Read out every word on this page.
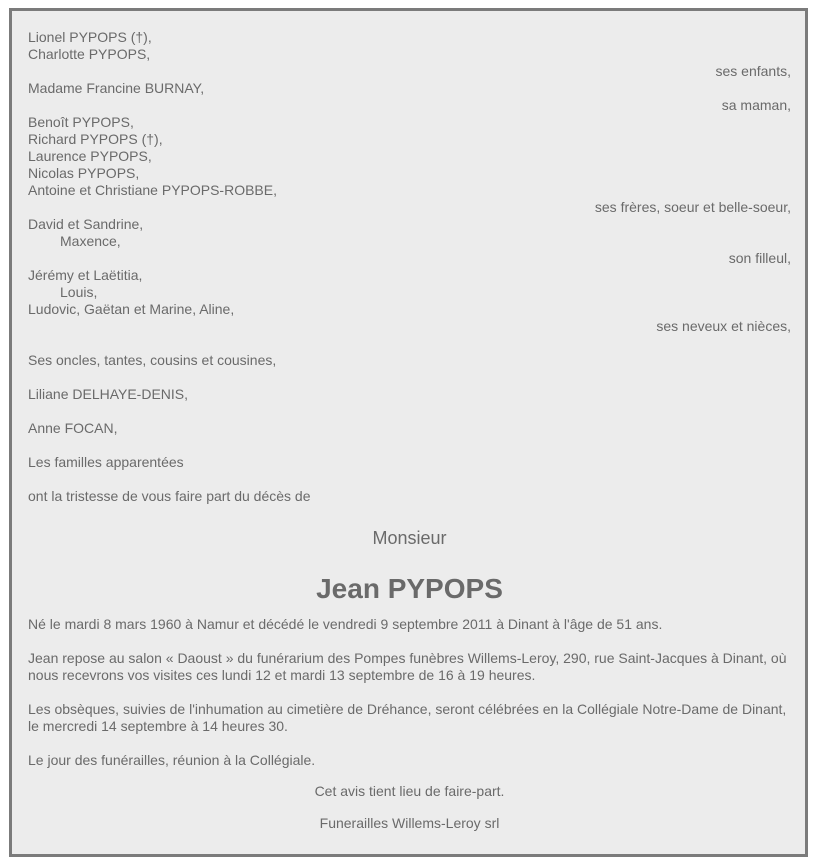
Lionel PYPOPS (†),
Charlotte PYPOPS,
ses enfants,
Madame Francine BURNAY,
sa maman,
Benoît PYPOPS,
Richard PYPOPS (†),
Laurence PYPOPS,
Nicolas PYPOPS,
Antoine et Christiane PYPOPS-ROBBE,
ses frères, soeur et belle-soeur,
David et Sandrine,
Maxence,
son filleul,
Jérémy et Laëtitia,
Louis,
Ludovic, Gaëtan et Marine, Aline,
ses neveux et nièces,
Ses oncles, tantes, cousins et cousines,
Liliane DELHAYE-DENIS,
Anne FOCAN,
Les familles apparentées
ont la tristesse de vous faire part du décès de
Monsieur
Jean PYPOPS

Né le mardi 8 mars 1960 à Namur et décédé le vendredi 9 septembre 2011 à Dinant à l'âge de 51 ans.

Jean repose au salon « Daoust » du funérarium des Pompes funèbres Willems-Leroy, 290, rue Saint-Jacques à Dinant, où nous recevrons vos visites ces lundi 12 et mardi 13 septembre de 16 à 19 heures.

Les obsèques, suivies de l'inhumation au cimetière de Dréhance, seront célébrées en la Collégiale Notre-Dame de Dinant, le mercredi 14 septembre à 14 heures 30.

Le jour des funérailles, réunion à la Collégiale.

Cet avis tient lieu de faire-part.
Funerailles Willems-Leroy srl
